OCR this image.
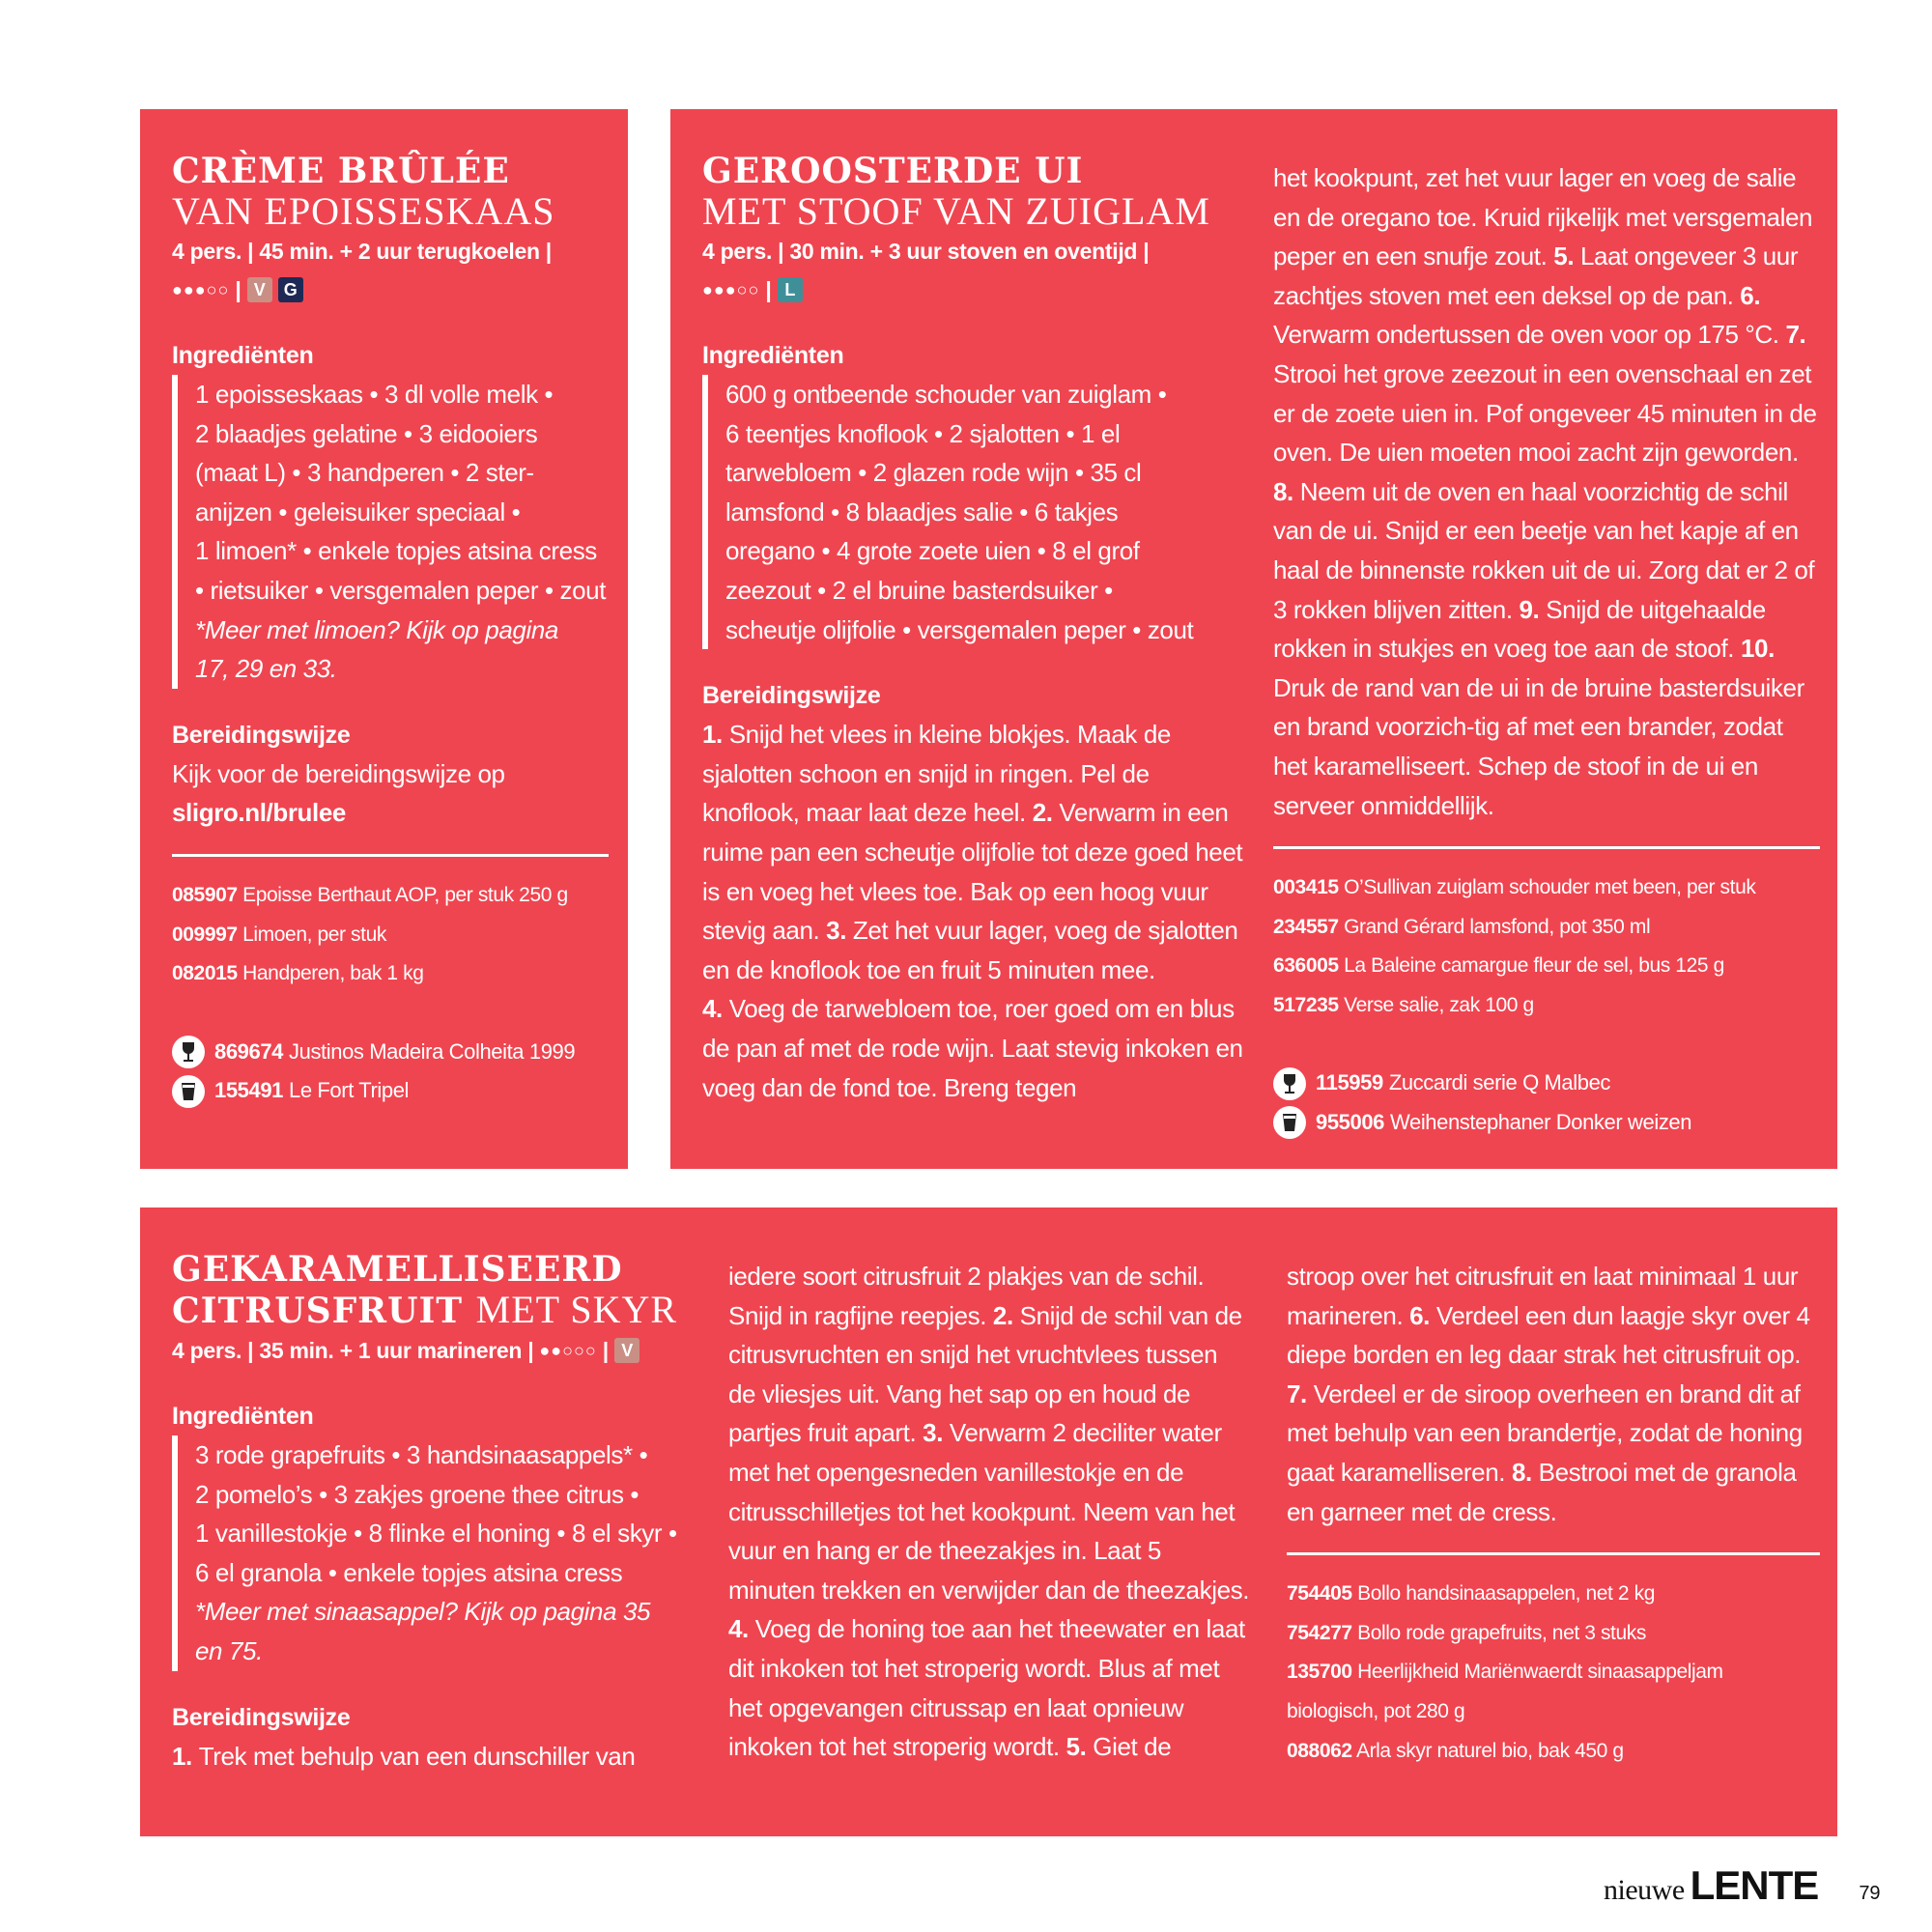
CRÈME BRÛLÉE
VAN EPOISSESKAAS
4 pers. | 45 min. + 2 uur terugkoelen |
●●●○○ | V	G
Ingrediënten
1 epoisseskaas • 3 dl volle melk •
2 blaadjes gelatine • 3 eidooiers
(maat L) • 3 handperen • 2 ster-
anijzen • geleisuiker speciaal •
1 limoen* • enkele topjes atsina cress
• rietsuiker • versgemalen peper • zout
*Meer met limoen? Kijk op pagina
17, 29 en 33.
Bereidingswijze
Kijk voor de bereidingswijze op
sligro.nl/brulee
085907 Epoisse Berthaut AOP, per stuk 250 g
009997 Limoen, per stuk
082015 Handperen, bak 1 kg
869674 Justinos Madeira Colheita 1999
155491 Le Fort Tripel
GEROOSTERDE UI
MET STOOF VAN ZUIGLAM
4 pers. | 30 min. + 3 uur stoven en oventijd |
●●●○○ | L
Ingrediënten
600 g ontbeende schouder van zuiglam •
6 teentjes knoflook • 2 sjalotten • 1 el
tarwebloem • 2 glazen rode wijn • 35 cl
lamsfond • 8 blaadjes salie • 6 takjes
oregano • 4 grote zoete uien • 8 el grof
zeezout • 2 el bruine basterdsuiker •
scheutje olijfolie • versgemalen peper • zout
Bereidingswijze
1. Snijd het vlees in kleine blokjes. Maak de sjalotten schoon en snijd in ringen. Pel de knoflook, maar laat deze heel. 2. Verwarm in een ruime pan een scheutje olijfolie tot deze goed heet is en voeg het vlees toe. Bak op een hoog vuur stevig aan. 3. Zet het vuur lager, voeg de sjalotten en de knoflook toe en fruit 5 minuten mee. 4. Voeg de tarwebloem toe, roer goed om en blus de pan af met de rode wijn. Laat stevig inkoken en voeg dan de fond toe. Breng tegen
het kookpunt, zet het vuur lager en voeg de salie en de oregano toe. Kruid rijkelijk met versgemalen peper en een snufje zout. 5. Laat ongeveer 3 uur zachtjes stoven met een deksel op de pan. 6. Verwarm ondertussen de oven voor op 175 °C. 7. Strooi het grove zeezout in een ovenschaal en zet er de zoete uien in. Pof ongeveer 45 minuten in de oven. De uien moeten mooi zacht zijn geworden. 8. Neem uit de oven en haal voorzichtig de schil van de ui. Snijd er een beetje van het kapje af en haal de binnenste rokken uit de ui. Zorg dat er 2 of 3 rokken blijven zitten. 9. Snijd de uitgehaalde rokken in stukjes en voeg toe aan de stoof. 10. Druk de rand van de ui in de bruine basterdsuiker en brand voorzich-tig af met een brander, zodat het karamelliseert. Schep de stoof in de ui en serveer onmiddellijk.
003415 O’Sullivan zuiglam schouder met been, per stuk
234557 Grand Gérard lamsfond, pot 350 ml
636005 La Baleine camargue fleur de sel, bus 125 g
517235 Verse salie, zak 100 g
115959 Zuccardi serie Q Malbec
955006 Weihenstephaner Donker weizen
GEKARAMELLISEERD
CITRUSFRUIT MET SKYR
4 pers. | 35 min. + 1 uur marineren | ●●○○○ | V
Ingrediënten
3 rode grapefruits • 3 handsinaasappels* •
2 pomelo’s • 3 zakjes groene thee citrus •
1 vanillestokje • 8 flinke el honing • 8 el skyr •
6 el granola • enkele topjes atsina cress
*Meer met sinaasappel? Kijk op pagina 35
en 75.
Bereidingswijze
1. Trek met behulp van een dunschiller van
iedere soort citrusfruit 2 plakjes van de schil. Snijd in ragfijne reepjes. 2. Snijd de schil van de citrusvruchten en snijd het vruchtvlees tussen de vliesjes uit. Vang het sap op en houd de partjes fruit apart. 3. Verwarm 2 deciliter water met het opengesneden vanillestokje en de citrusschilletjes tot het kookpunt. Neem van het vuur en hang er de theezakjes in. Laat 5 minuten trekken en verwijder dan de theezakjes. 4. Voeg de honing toe aan het theewater en laat dit inkoken tot het stroperig wordt. Blus af met het opgevangen citrussap en laat opnieuw inkoken tot het stroperig wordt. 5. Giet de
stroop over het citrusfruit en laat minimaal 1 uur marineren. 6. Verdeel een dun laagje skyr over 4 diepe borden en leg daar strak het citrusfruit op. 7. Verdeel er de siroop overheen en brand dit af met behulp van een brandertje, zodat de honing gaat karamelliseren. 8. Bestrooi met de granola en garneer met de cress.
754405 Bollo handsinaasappelen, net 2 kg
754277 Bollo rode grapefruits, net 3 stuks
135700 Heerlijkheid Mariënwaerdt sinaasappeljam
biologisch, pot 280 g
088062 Arla skyr naturel bio, bak 450 g
nieuwe LENTE 79
